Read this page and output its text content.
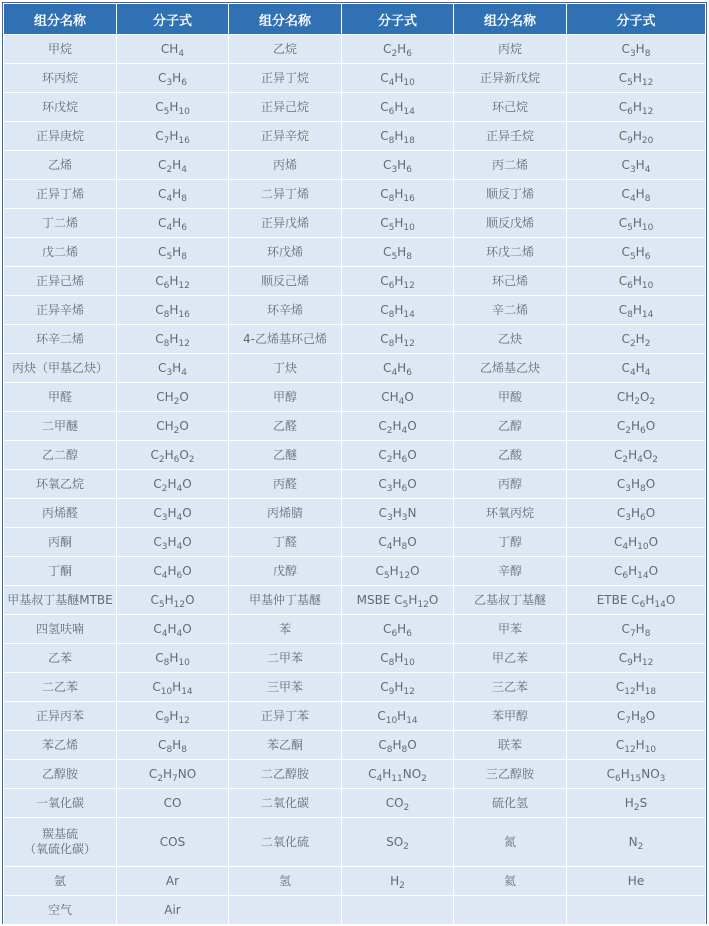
组分名称	分子式	组分名称	分子式	组分名称	分子式
甲烷	$CH_4$	乙烷	$C_2H_6$	丙烷	$C_3H_8$
环丙烷	$C_3H_6$	正异丁烷	$C_4H_{10}$	正异新戊烷	$C_5H_{12}$
环戊烷	$C_5H_{10}$	正异己烷	$C_6H_{14}$	环己烷	$C_6H_{12}$
正异庚烷	$C_7H_{16}$	正异辛烷	$C_8H_{18}$	正异壬烷	$C_9H_{20}$
乙烯	$C_2H_4$	丙烯	$C_3H_6$	丙二烯	$C_3H_4$
正异丁烯	$C_4H_8$	二异丁烯	$C_8H_{16}$	顺反丁烯	$C_4H_8$
丁二烯	$C_4H_6$	正异戊烯	$C_5H_{10}$	顺反戊烯	$C_5H_{10}$
戊二烯	$C_5H_8$	环戊烯	$C_5H_8$	环戊二烯	$C_5H_6$
正异己烯	$C_6H_{12}$	顺反己烯	$C_6H_{12}$	环己烯	$C_6H_{10}$
正异辛烯	$C_8H_{16}$	环辛烯	$C_8H_{14}$	辛二烯	$C_8H_{14}$
环辛二烯	$C_8H_{12}$	4-乙烯基环己烯	$C_8H_{12}$	乙炔	$C_2H_2$
丙炔（甲基乙炔）	$C_3H_4$	丁炔	$C_4H_6$	乙烯基乙炔	$C_4H_4$
甲醛	$CH_2O$	甲醇	$CH_4O$	甲酸	$CH_2O_2$
二甲醚	$CH_2O$	乙醛	$C_2H_4O$	乙醇	$C_2H_6O$
乙二醇	$C_2H_6O_2$	乙醚	$C_2H_6O$	乙酸	$C_2H_4O_2$
环氧乙烷	$C_2H_4O$	丙醛	$C_3H_6O$	丙醇	$C_3H_8O$
丙烯醛	$C_3H_4O$	丙烯腈	$C_3H_3N$	环氧丙烷	$C_3H_6O$
丙酮	$C_3H_4O$	丁醛	$C_4H_8O$	丁醇	$C_4H_{10}O$
丁酮	$C_4H_6O$	戊醇	$C_5H_{12}O$	辛醇	$C_6H_{14}O$
甲基叔丁基醚MTBE	$C_5H_{12}O$	甲基仲丁基醚	MSBE $C_5H_{12}O$	乙基叔丁基醚	ETBE $C_6H_{14}O$
四氢呋喃	$C_4H_4O$	苯	$C_6H_6$	甲苯	$C_7H_8$
乙苯	$C_8H_{10}$	二甲苯	$C_8H_{10}$	甲乙苯	$C_9H_{12}$
二乙苯	$C_{10}H_{14}$	三甲苯	$C_9H_{12}$	三乙苯	$C_{12}H_{18}$
正异丙苯	$C_9H_{12}$	正异丁苯	$C_{10}H_{14}$	苯甲醇	$C_7H_8O$
苯乙烯	$C_8H_8$	苯乙酮	$C_8H_8O$	联苯	$C_{12}H_{10}$
乙醇胺	$C_2H_7NO$	二乙醇胺	$C_4H_{11}NO_2$	三乙醇胺	$C_6H_{15}NO_3$
一氧化碳	CO	二氧化碳	$CO_2$	硫化氢	$H_2S$
羰基硫
（氧硫化碳）	COS	二氧化硫	$SO_2$	氮	$N_2$
氩	Ar	氢	$H_2$	氦	He
空气	Air				
